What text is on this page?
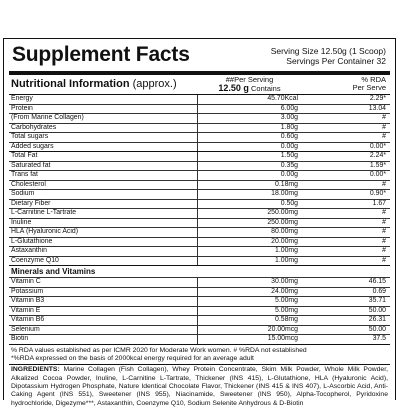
Supplement Facts	Serving Size 12.50g (1 Scoop)
Servings Per Container 32
Nutritional Information (approx.)	##Per Serving
12.50 g Contains
% RDA
Per Serve
Energy	45.70Kcal	2.29*
Protein	6.00g	13.04
(From Marine Collagen)	3.00g	#
Carbohydrates	1.80g	#
Total sugars	0.60g	#
Added sugars	0.00g	0.00*
Total Fat	1.50g	2.24*
Saturated fat	0.35g	1.59*
Trans fat	0.00g	0.00*
Cholesterol	0.18mg	#
Sodium	18.00mg	0.90*
Dietary Fiber	0.50g	1.67
L-Carnitine L-Tartrate	250.00mg	#
Inuline	250.00mg	#
HLA (Hyaluronic Acid)	80.00mg	#
L-Glutathione	20.00mg	#
Astaxanthin	1.00mg	#
Coenzyme Q10	1.00mg	#
Minerals and Vitamins
Vitamin C	30.00mg	46.15
Potassium	24.00mg	0.69
Vitamin B3	5.00mg	35.71
Vitamin E	5.00mg	50.00
Vitamin B6	0.58mg	26.31
Selenium	20.00mcg	50.00
Biotin	15.00mcg	37.5
% RDA values established as per ICMR 2020 for Moderate Work women. # %RDA not established
*%RDA expressed on the basis of 2000kcal energy required for an average adult
INGREDIENTS: Marine Collagen (Fish Collagen), Whey Protein Concentrate, Skim Milk Powder, Whole Milk Powder, Alkalized Cocoa Powder, Inuline, L-Carnitine L-Tartrate, Thickener (INS 415), L-Glutathione, HLA (Hyaluronic Acid), Dipotassium Hydrogen Phosphate, Nature Identical Chocolate Flavor, Thickener (INS 415 & INS 407), L-Ascorbic Acid, Anti-Caking Agent (INS 551), Sweetener (INS 955), Niacinamide, Sweetener (INS 950), Alpha-Tocopherol, Pyridoxine hydrochloride, Digezyme***, Astaxanthin, Coenzyme Q10, Sodium Selenite Anhydrous & D-Biotin
